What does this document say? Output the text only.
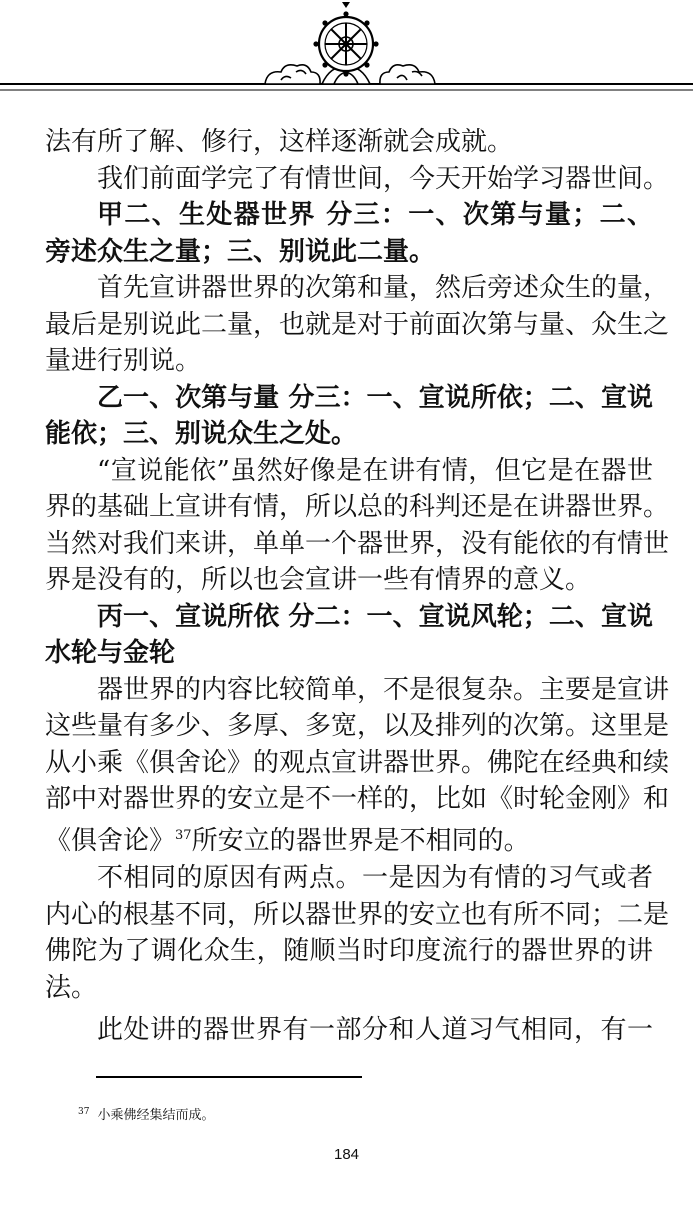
法有所了解、修行，这样逐渐就会成就。
我们前面学完了有情世间，今天开始学习器世间。
甲二、生处器世界 分三：一、次第与量；二、
旁述众生之量；三、别说此二量。
首先宣讲器世界的次第和量，然后旁述众生的量，
最后是别说此二量，也就是对于前面次第与量、众生之
量进行别说。
乙一、次第与量 分三：一、宣说所依；二、宣说
能依；三、别说众生之处。
“宣说能依”虽然好像是在讲有情，但它是在器世
界的基础上宣讲有情，所以总的科判还是在讲器世界。
当然对我们来讲，单单一个器世界，没有能依的有情世
界是没有的，所以也会宣讲一些有情界的意义。
丙一、宣说所依 分二：一、宣说风轮；二、宣说
水轮与金轮
器世界的内容比较简单，不是很复杂。主要是宣讲
这些量有多少、多厚、多宽，以及排列的次第。这里是
从小乘《俱舍论》的观点宣讲器世界。佛陀在经典和续
部中对器世界的安立是不一样的，比如《时轮金刚》和
《俱舍论》$^{37}$所安立的器世界是不相同的。
不相同的原因有两点。一是因为有情的习气或者
内心的根基不同，所以器世界的安立也有所不同；二是
佛陀为了调化众生，随顺当时印度流行的器世界的讲
法。
此处讲的器世界有一部分和人道习气相同，有一
$^{37}$ 小乘佛经集结而成。
184
